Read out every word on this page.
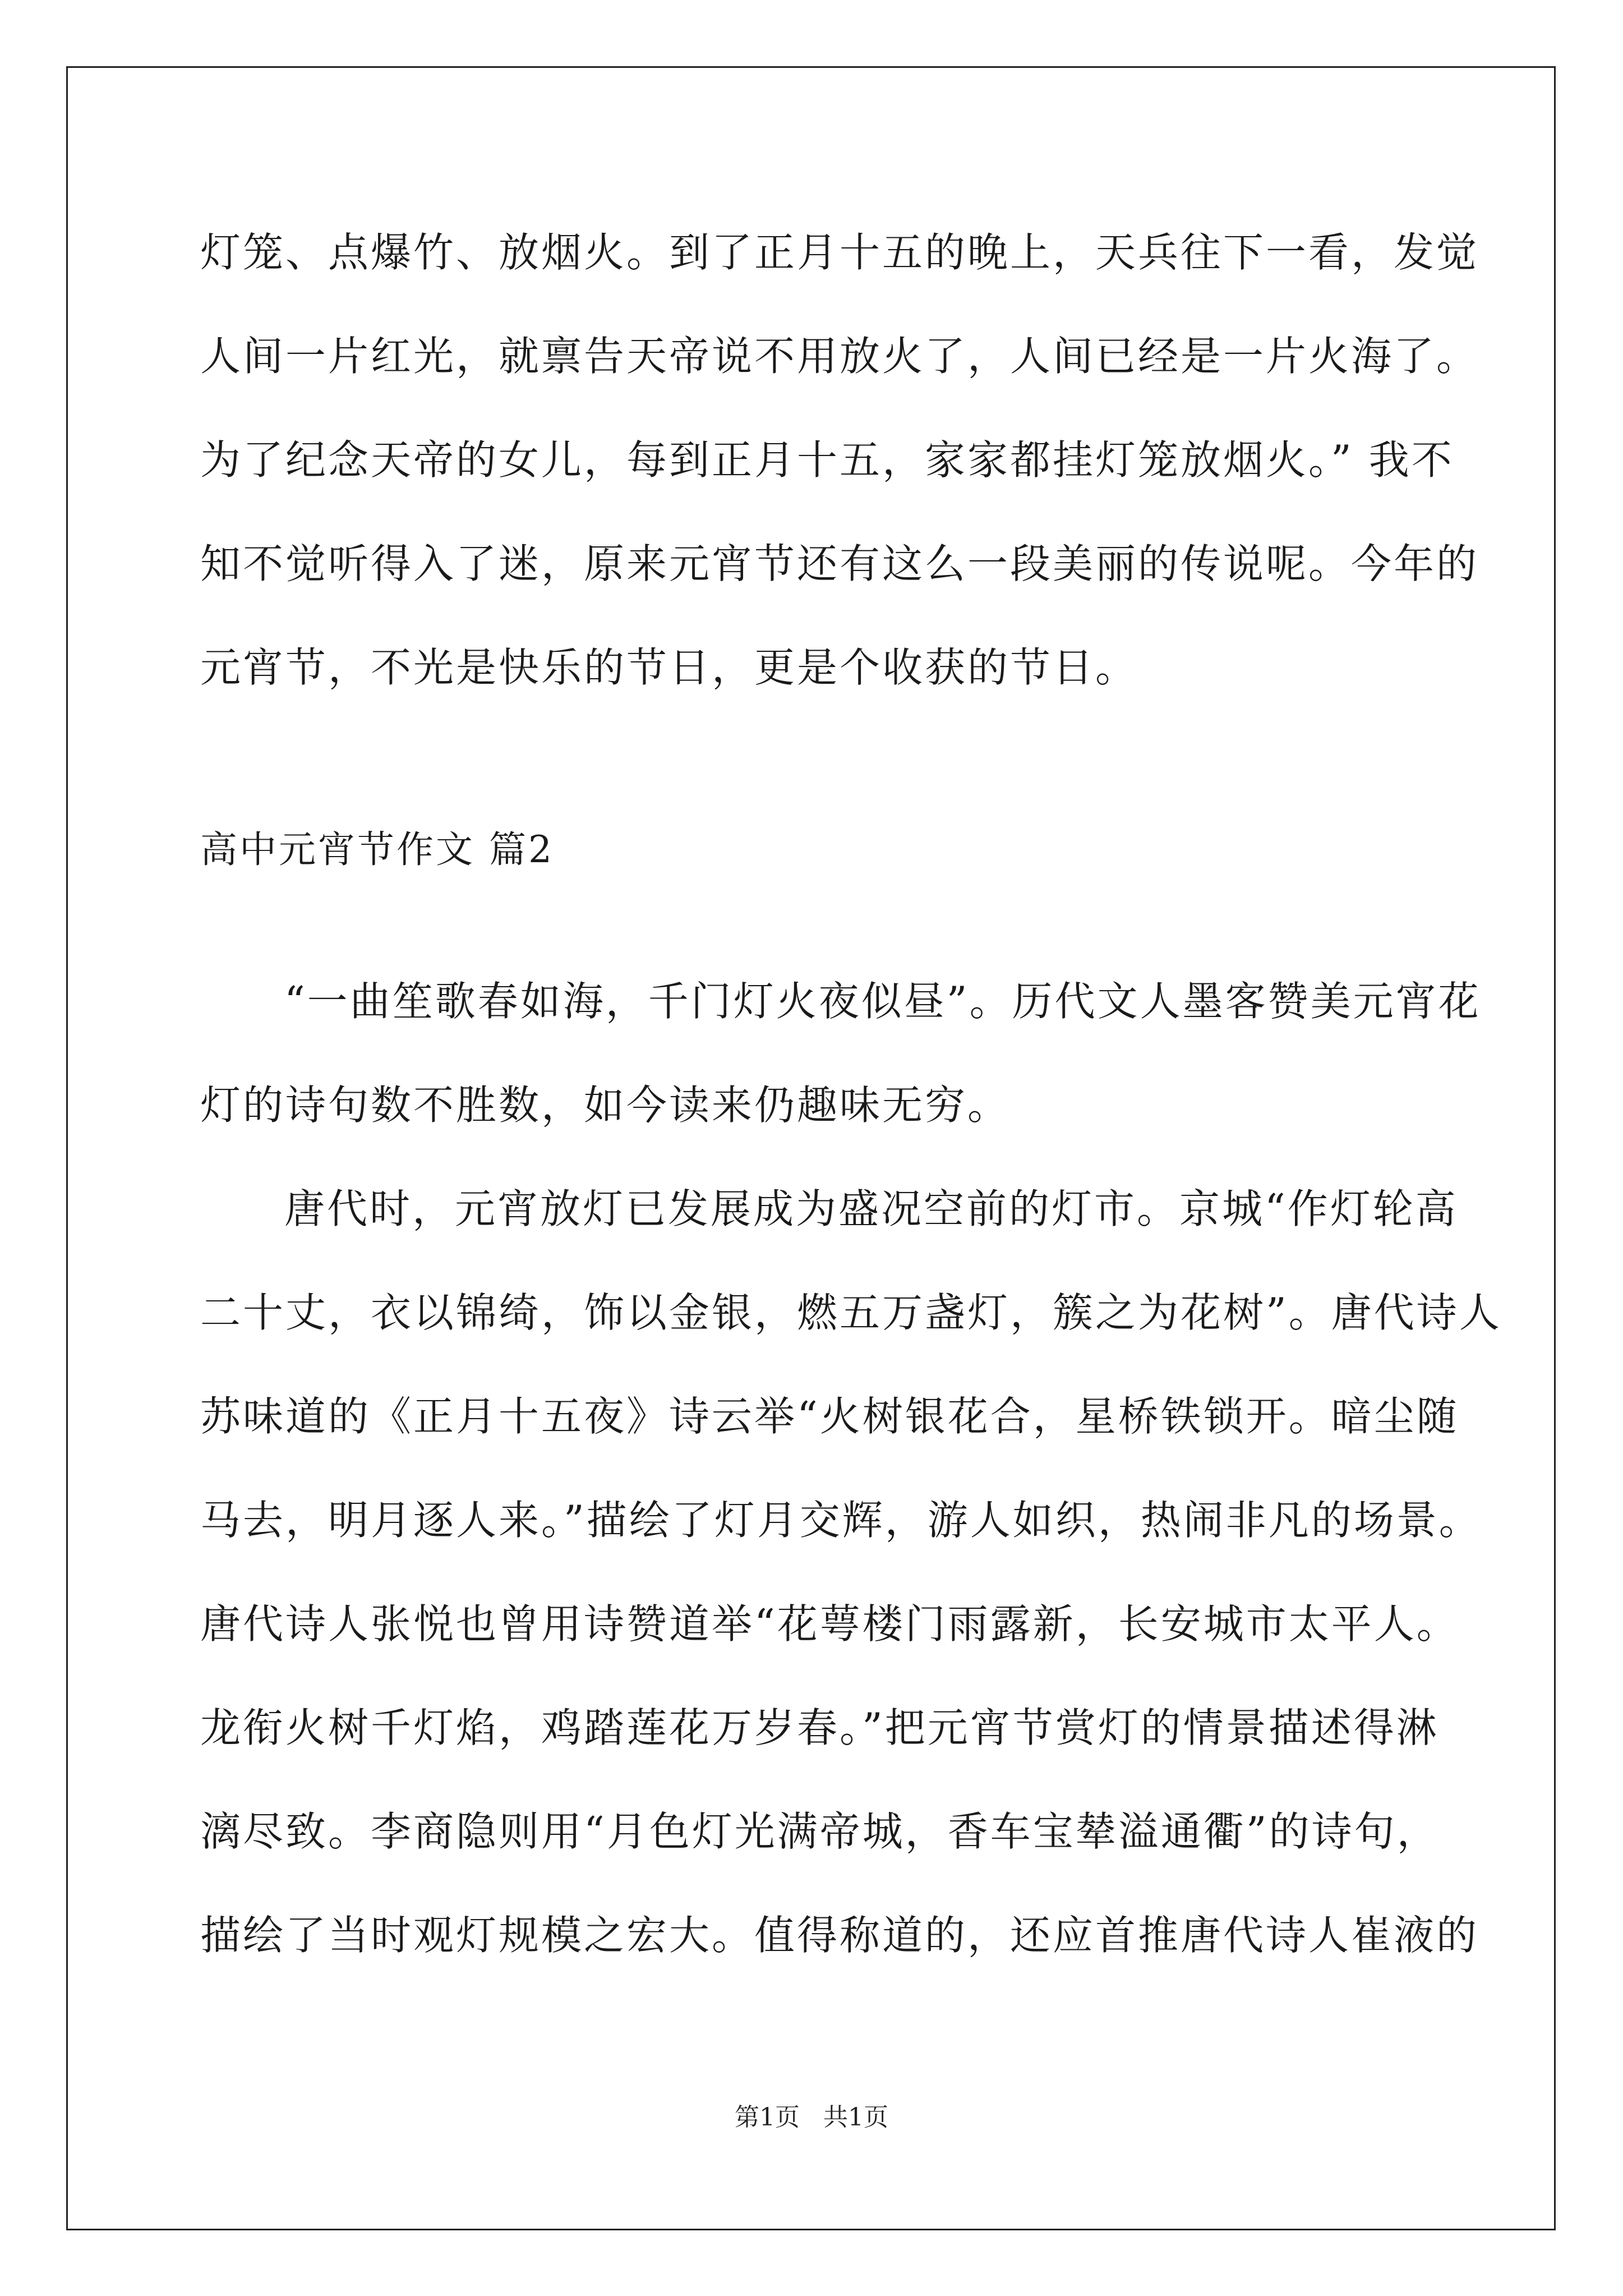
灯笼、点爆竹、放烟火。到了正月十五的晚上，天兵往下一看，发觉
人间一片红光，就禀告天帝说不用放火了，人间已经是一片火海了。
为了纪念天帝的女儿，每到正月十五，家家都挂灯笼放烟火。” 我不
知不觉听得入了迷，原来元宵节还有这么一段美丽的传说呢。今年的
元宵节，不光是快乐的节日，更是个收获的节日。
高中元宵节作文 篇2
“一曲笙歌春如海，千门灯火夜似昼”。历代文人墨客赞美元宵花
灯的诗句数不胜数，如今读来仍趣味无穷。
唐代时，元宵放灯已发展成为盛况空前的灯市。京城“作灯轮高
二十丈，衣以锦绮，饰以金银，燃五万盏灯，簇之为花树”。唐代诗人
苏味道的《正月十五夜》诗云举“火树银花合，星桥铁锁开。暗尘随
马去，明月逐人来。”描绘了灯月交辉，游人如织，热闹非凡的场景。
唐代诗人张悦也曾用诗赞道举“花萼楼门雨露新，长安城市太平人。
龙衔火树千灯焰，鸡踏莲花万岁春。”把元宵节赏灯的情景描述得淋
漓尽致。李商隐则用“月色灯光满帝城，香车宝辇溢通衢”的诗句，
描绘了当时观灯规模之宏大。值得称道的，还应首推唐代诗人崔液的
第1页 共1页
